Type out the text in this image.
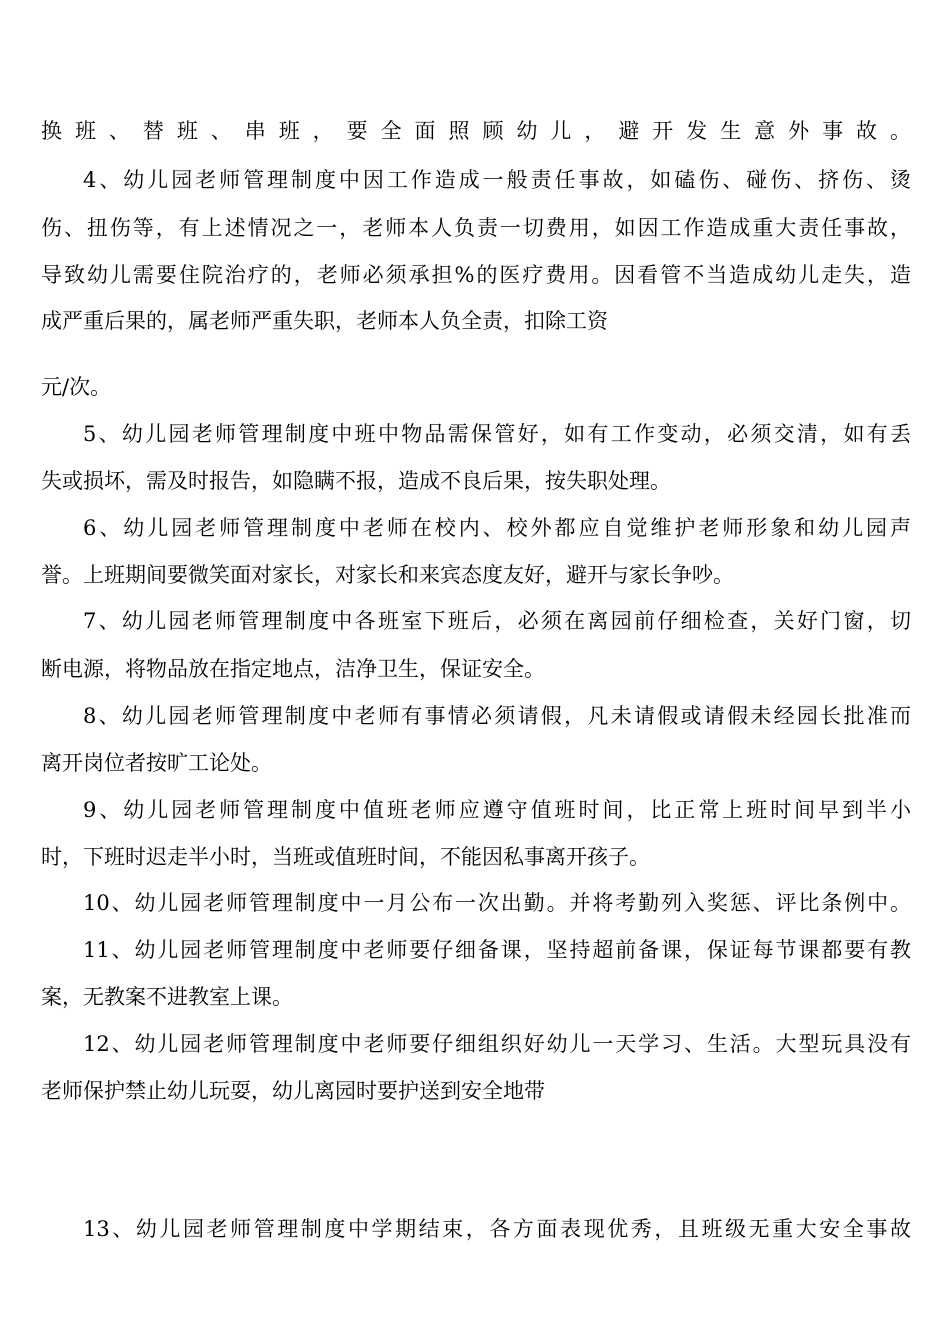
换班、替班、串班，要全面照顾幼儿，避开发生意外事故。
4、幼儿园老师管理制度中因工作造成一般责任事故，如磕伤、碰伤、挤伤、烫
伤、扭伤等，有上述情况之一，老师本人负责一切费用，如因工作造成重大责任事故，
导致幼儿需要住院治疗的，老师必须承担%的医疗费用。因看管不当造成幼儿走失，造
成严重后果的，属老师严重失职，老师本人负全责，扣除工资
元/次。
5、幼儿园老师管理制度中班中物品需保管好，如有工作变动，必须交清，如有丢
失或损坏，需及时报告，如隐瞒不报，造成不良后果，按失职处理。
6、幼儿园老师管理制度中老师在校内、校外都应自觉维护老师形象和幼儿园声
誉。上班期间要微笑面对家长，对家长和来宾态度友好，避开与家长争吵。
7、幼儿园老师管理制度中各班室下班后，必须在离园前仔细检查，关好门窗，切
断电源，将物品放在指定地点，洁净卫生，保证安全。
8、幼儿园老师管理制度中老师有事情必须请假，凡未请假或请假未经园长批准而
离开岗位者按旷工论处。
9、幼儿园老师管理制度中值班老师应遵守值班时间，比正常上班时间早到半小
时，下班时迟走半小时，当班或值班时间，不能因私事离开孩子。
10、幼儿园老师管理制度中一月公布一次出勤。并将考勤列入奖惩、评比条例中。
11、幼儿园老师管理制度中老师要仔细备课，坚持超前备课，保证每节课都要有教
案，无教案不进教室上课。
12、幼儿园老师管理制度中老师要仔细组织好幼儿一天学习、生活。大型玩具没有
老师保护禁止幼儿玩耍，幼儿离园时要护送到安全地带
13、幼儿园老师管理制度中学期结束，各方面表现优秀，且班级无重大安全事故
